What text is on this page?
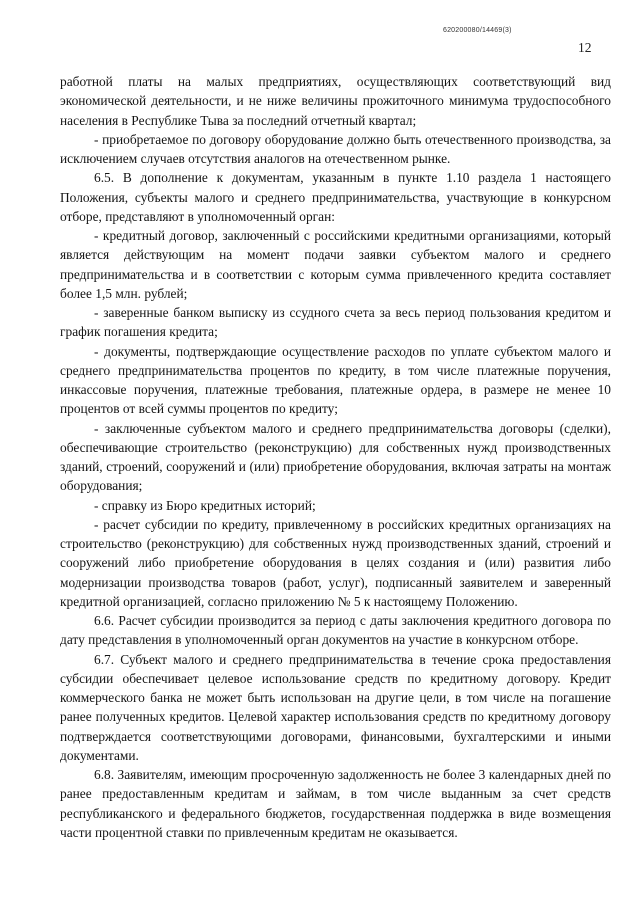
620200080/14469(3)
12

работной платы на малых предприятиях, осуществляющих соответствующий вид экономической деятельности, и не ниже величины прожиточного минимума трудоспособного населения в Республике Тыва за последний отчетный квартал;

- приобретаемое по договору оборудование должно быть отечественного производства, за исключением случаев отсутствия аналогов на отечественном рынке.

6.5. В дополнение к документам, указанным в пункте 1.10 раздела 1 настоящего Положения, субъекты малого и среднего предпринимательства, участвующие в конкурсном отборе, представляют в уполномоченный орган:

- кредитный договор, заключенный с российскими кредитными организациями, который является действующим на момент подачи заявки субъектом малого и среднего предпринимательства и в соответствии с которым сумма привлеченного кредита составляет более 1,5 млн. рублей;

- заверенные банком выписку из ссудного счета за весь период пользования кредитом и график погашения кредита;

- документы, подтверждающие осуществление расходов по уплате субъектом малого и среднего предпринимательства процентов по кредиту, в том числе платежные поручения, инкассовые поручения, платежные требования, платежные ордера, в размере не менее 10 процентов от всей суммы процентов по кредиту;

- заключенные субъектом малого и среднего предпринимательства договоры (сделки), обеспечивающие строительство (реконструкцию) для собственных нужд производственных зданий, строений, сооружений и (или) приобретение оборудования, включая затраты на монтаж оборудования;

- справку из Бюро кредитных историй;

- расчет субсидии по кредиту, привлеченному в российских кредитных организациях на строительство (реконструкцию) для собственных нужд производственных зданий, строений и сооружений либо приобретение оборудования в целях создания и (или) развития либо модернизации производства товаров (работ, услуг), подписанный заявителем и заверенный кредитной организацией, согласно приложению № 5 к настоящему Положению.

6.6. Расчет субсидии производится за период с даты заключения кредитного договора по дату представления в уполномоченный орган документов на участие в конкурсном отборе.

6.7. Субъект малого и среднего предпринимательства в течение срока предоставления субсидии обеспечивает целевое использование средств по кредитному договору. Кредит коммерческого банка не может быть использован на другие цели, в том числе на погашение ранее полученных кредитов. Целевой характер использования средств по кредитному договору подтверждается соответствующими договорами, финансовыми, бухгалтерскими и иными документами.

6.8. Заявителям, имеющим просроченную задолженность не более 3 календарных дней по ранее предоставленным кредитам и займам, в том числе выданным за счет средств республиканского и федерального бюджетов, государственная поддержка в виде возмещения части процентной ставки по привлеченным кредитам не оказывается.
